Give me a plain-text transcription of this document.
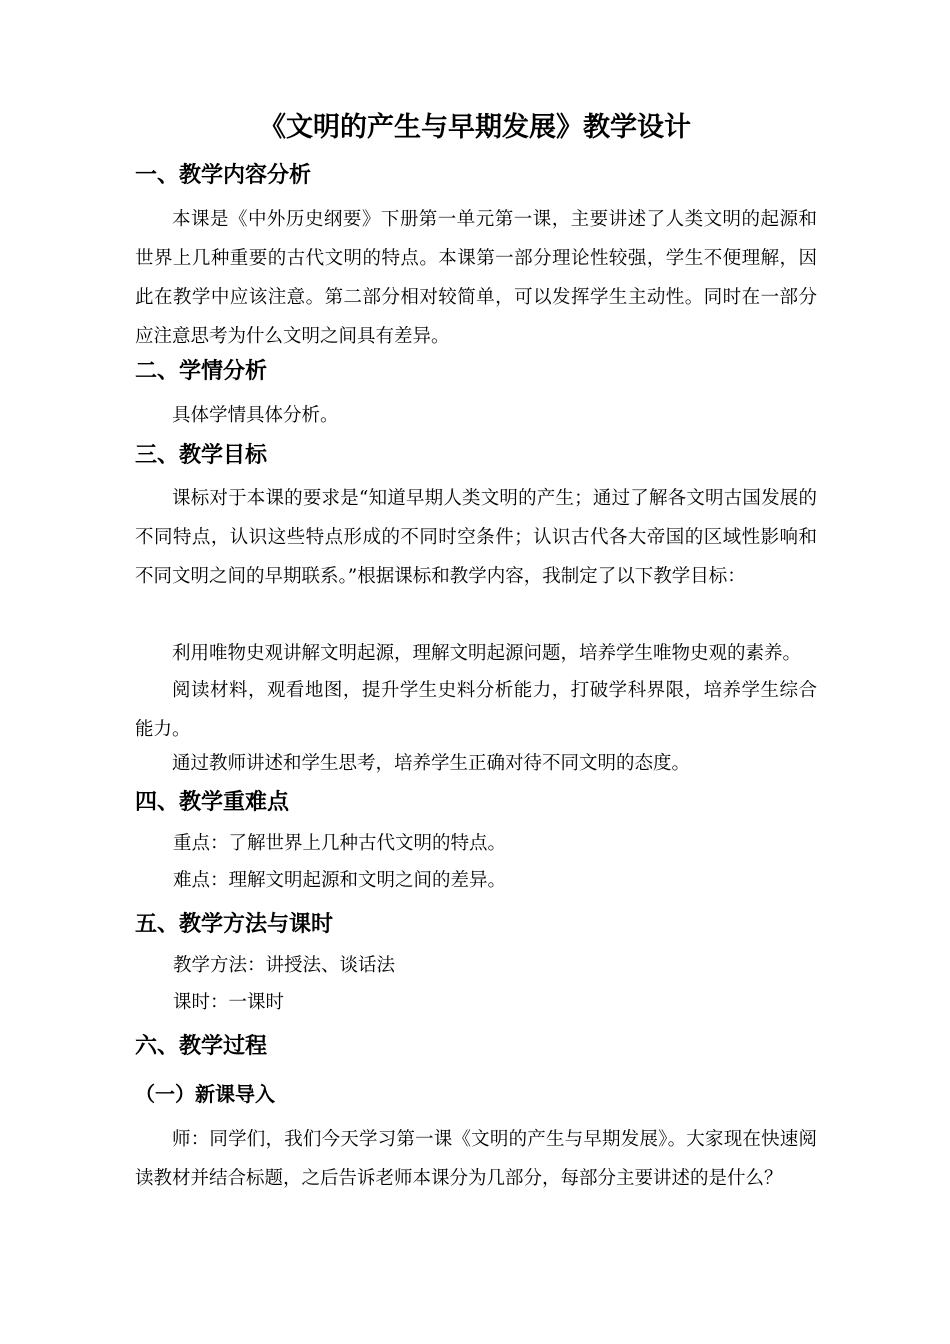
《文明的产生与早期发展》教学设计
一、教学内容分析

本课是《中外历史纲要》下册第一单元第一课，主要讲述了人类文明的起源和世界上几种重要的古代文明的特点。本课第一部分理论性较强，学生不便理解，因此在教学中应该注意。第二部分相对较简单，可以发挥学生主动性。同时在一部分应注意思考为什么文明之间具有差异。

二、学情分析

具体学情具体分析。

三、教学目标

课标对于本课的要求是“知道早期人类文明的产生；通过了解各文明古国发展的不同特点，认识这些特点形成的不同时空条件；认识古代各大帝国的区域性影响和不同文明之间的早期联系。”根据课标和教学内容，我制定了以下教学目标：

利用唯物史观讲解文明起源，理解文明起源问题，培养学生唯物史观的素养。

阅读材料，观看地图，提升学生史料分析能力，打破学科界限，培养学生综合能力。

通过教师讲述和学生思考，培养学生正确对待不同文明的态度。

四、教学重难点

重点：了解世界上几种古代文明的特点。

难点：理解文明起源和文明之间的差异。

五、教学方法与课时

教学方法：讲授法、谈话法

课时：一课时

六、教学过程
（一）新课导入

师：同学们，我们今天学习第一课《文明的产生与早期发展》。大家现在快速阅读教材并结合标题，之后告诉老师本课分为几部分，每部分主要讲述的是什么？
